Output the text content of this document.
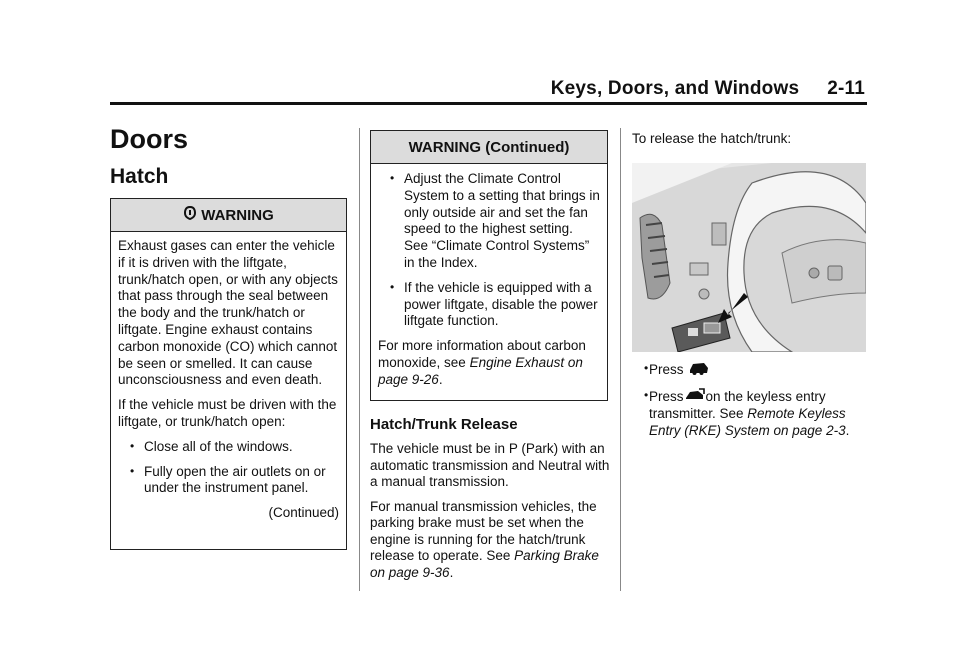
Keys, Doors, and Windows 2-11
Doors
Hatch
WARNING

Exhaust gases can enter the vehicle if it is driven with the liftgate, trunk/hatch open, or with any objects that pass through the seal between the body and the trunk/hatch or liftgate. Engine exhaust contains carbon monoxide (CO) which cannot be seen or smelled. It can cause unconsciousness and even death.

If the vehicle must be driven with the liftgate, or trunk/hatch open:

• Close all of the windows.
• Fully open the air outlets on or under the instrument panel.
(Continued)
WARNING (Continued)
• Adjust the Climate Control System to a setting that brings in only outside air and set the fan speed to the highest setting. See “Climate Control Systems” in the Index.
• If the vehicle is equipped with a power liftgate, disable the power liftgate function.

For more information about carbon monoxide, see Engine Exhaust on page 9-26.

Hatch/Trunk Release

The vehicle must be in P (Park) with an automatic transmission and Neutral with a manual transmission.

For manual transmission vehicles, the parking brake must be set when the engine is running for the hatch/trunk release to operate. See Parking Brake on page 9-36.

To release the hatch/trunk:
• Press
• Press on the keyless entry transmitter. See Remote Keyless Entry (RKE) System on page 2-3.
